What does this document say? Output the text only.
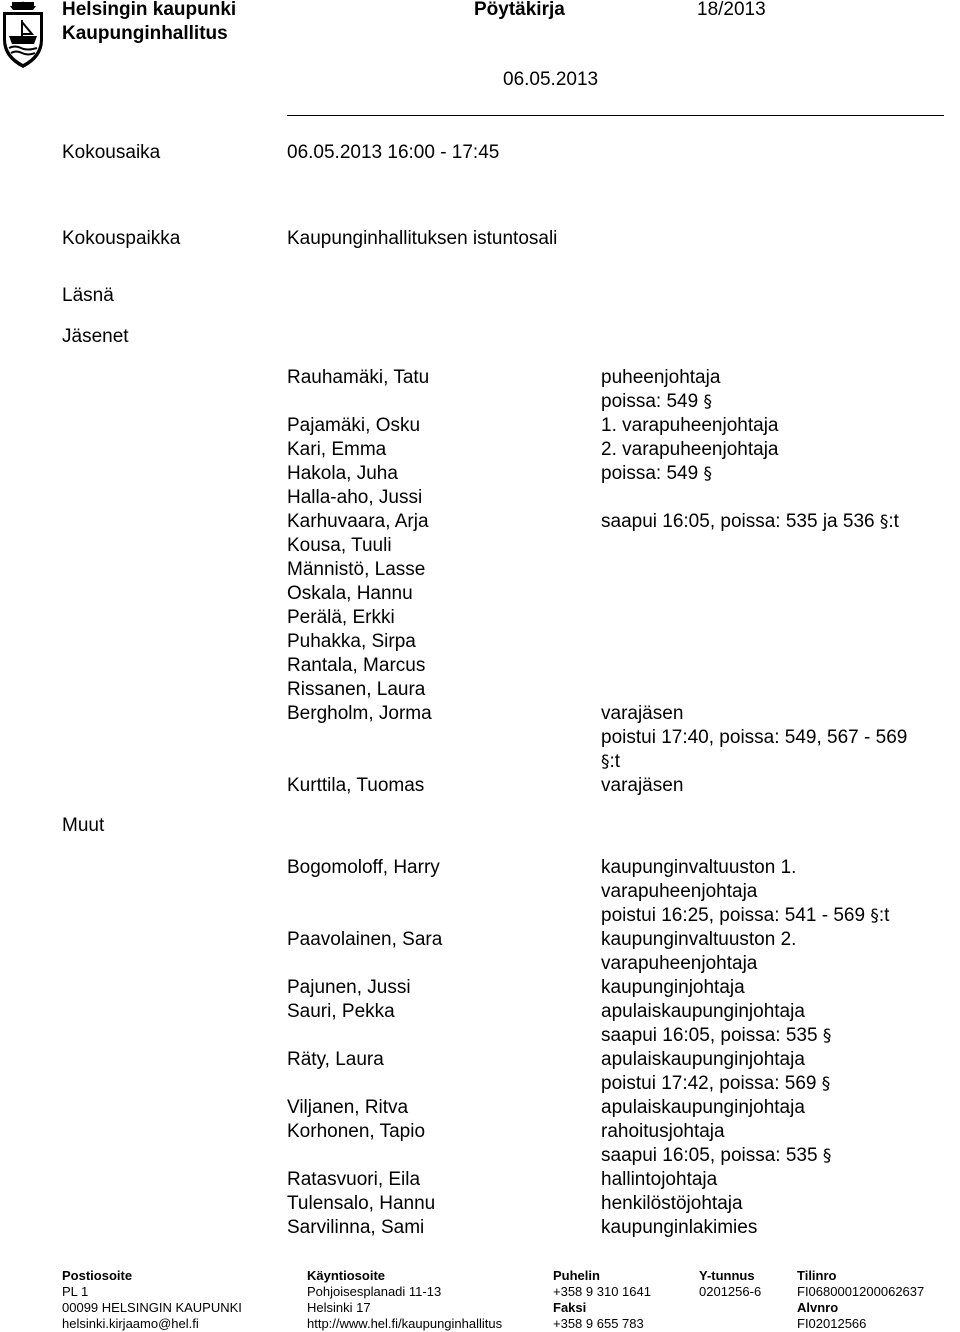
Helsingin kaupunki
Kaupunginhallitus
Pöytäkirja	18/2013
06.05.2013
Kokousaika	06.05.2013 16:00 - 17:45
Kokouspaikka	Kaupunginhallituksen istuntosali
Läsnä
Jäsenet
Muut
Rauhamäki, Tatu	puheenjohtaja
poissa: 549 §
Pajamäki, Osku	1. varapuheenjohtaja
Kari, Emma	2. varapuheenjohtaja
Hakola, Juha	poissa: 549 §
Halla-aho, Jussi
Karhuvaara, Arja	saapui 16:05, poissa: 535 ja 536 §:t
Kousa, Tuuli
Männistö, Lasse
Oskala, Hannu
Perälä, Erkki
Puhakka, Sirpa
Rantala, Marcus
Rissanen, Laura
Bergholm, Jorma	varajäsen
poistui 17:40, poissa: 549, 567 - 569
§:t
Kurttila, Tuomas	varajäsen
Bogomoloff, Harry	kaupunginvaltuuston 1.
varapuheenjohtaja
poistui 16:25, poissa: 541 - 569 §:t
Paavolainen, Sara	kaupunginvaltuuston 2.
varapuheenjohtaja
Pajunen, Jussi	kaupunginjohtaja
Sauri, Pekka	apulaiskaupunginjohtaja
saapui 16:05, poissa: 535 §
Räty, Laura	apulaiskaupunginjohtaja
poistui 17:42, poissa: 569 §
Viljanen, Ritva	apulaiskaupunginjohtaja
Korhonen, Tapio	rahoitusjohtaja
saapui 16:05, poissa: 535 §
Ratasvuori, Eila	hallintojohtaja
Tulensalo, Hannu	henkilöstöjohtaja
Sarvilinna, Sami	kaupunginlakimies
Postiosoite
PL 1
00099 HELSINGIN KAUPUNKI
helsinki.kirjaamo@hel.fi
Käyntiosoite
Pohjoisesplanadi 11-13
Helsinki 17
http://www.hel.fi/kaupunginhallitus
Puhelin
+358 9 310 1641
Faksi
+358 9 655 783
Y-tunnus
0201256-6
Tilinro
FI0680001200062637
Alvnro
FI02012566
